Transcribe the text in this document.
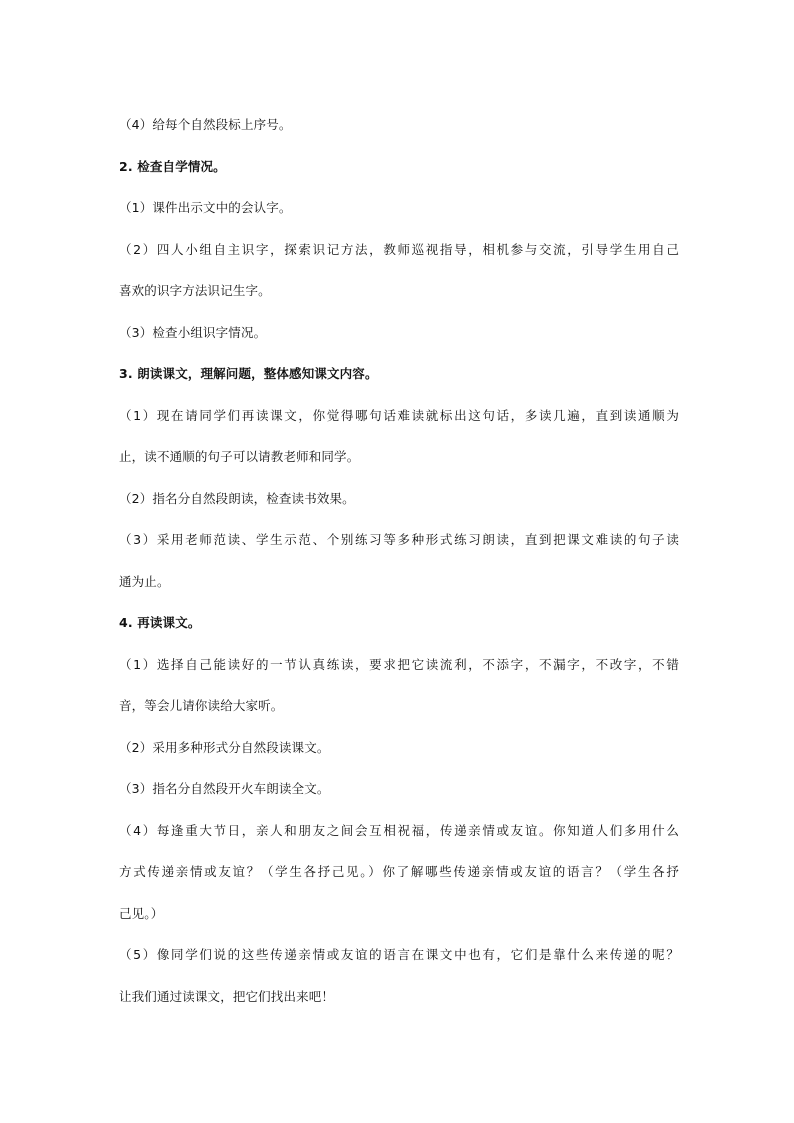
（4）给每个自然段标上序号。
2. 检查自学情况。
（1）课件出示文中的会认字。
（2）四人小组自主识字，探索识记方法，教师巡视指导，相机参与交流，引导学生用自己
喜欢的识字方法识记生字。
（3）检查小组识字情况。
3. 朗读课文，理解问题，整体感知课文内容。
（1）现在请同学们再读课文，你觉得哪句话难读就标出这句话，多读几遍，直到读通顺为
止，读不通顺的句子可以请教老师和同学。
（2）指名分自然段朗读，检查读书效果。
（3）采用老师范读、学生示范、个别练习等多种形式练习朗读，直到把课文难读的句子读
通为止。
4. 再读课文。
（1）选择自己能读好的一节认真练读，要求把它读流利，不添字，不漏字，不改字，不错
音，等会儿请你读给大家听。
（2）采用多种形式分自然段读课文。
（3）指名分自然段开火车朗读全文。
（4）每逢重大节日，亲人和朋友之间会互相祝福，传递亲情或友谊。你知道人们多用什么
方式传递亲情或友谊？（学生各抒己见。）你了解哪些传递亲情或友谊的语言？（学生各抒
己见。）
（5）像同学们说的这些传递亲情或友谊的语言在课文中也有，它们是靠什么来传递的呢？
让我们通过读课文，把它们找出来吧！
